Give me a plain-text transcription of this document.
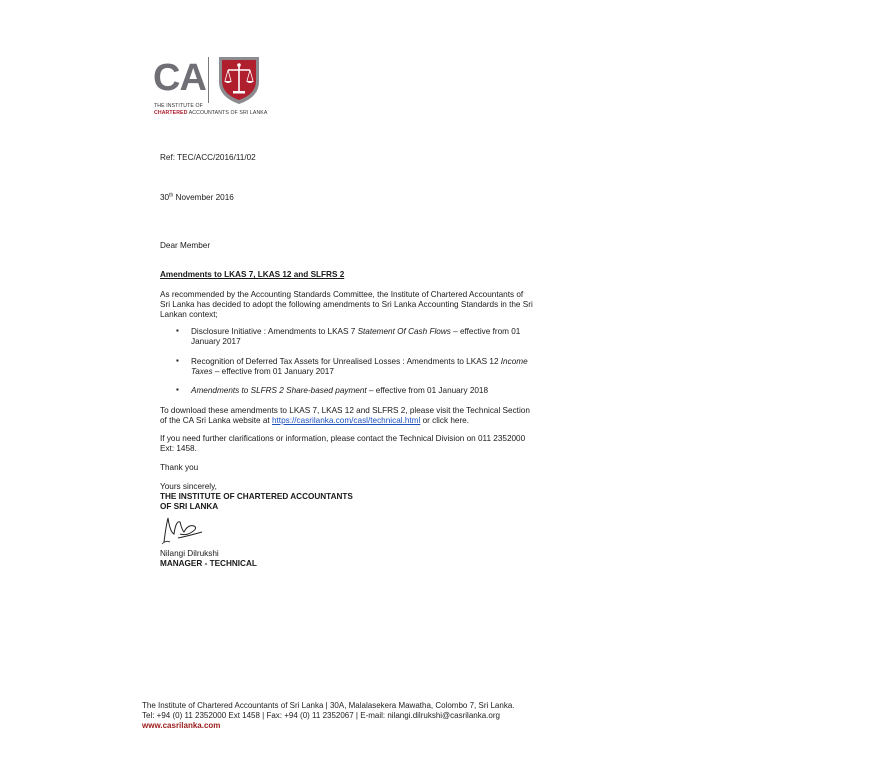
CA
THE INSTITUTE OF
CHARTERED ACCOUNTANTS OF SRI LANKA
Ref: TEC/ACC/2016/11/02
30th November 2016
Dear Member
Amendments to LKAS 7, LKAS 12 and SLFRS 2
As recommended by the Accounting Standards Committee, the Institute of Chartered Accountants of
Sri Lanka has decided to adopt the following amendments to Sri Lanka Accounting Standards in the Sri
Lankan context;
▪ Disclosure Initiative : Amendments to LKAS 7 Statement Of Cash Flows – effective from 01
January 2017
▪ Recognition of Deferred Tax Assets for Unrealised Losses : Amendments to LKAS 12 Income
Taxes – effective from 01 January 2017
▪ Amendments to SLFRS 2 Share-based payment – effective from 01 January 2018
To download these amendments to LKAS 7, LKAS 12 and SLFRS 2, please visit the Technical Section
of the CA Sri Lanka website at https://casrilanka.com/casl/technical.html or click here.
If you need further clarifications or information, please contact the Technical Division on 011 2352000
Ext: 1458.
Thank you
Yours sincerely,
THE INSTITUTE OF CHARTERED ACCOUNTANTS
OF SRI LANKA
Nilangi Dilrukshi
MANAGER - TECHNICAL
The Institute of Chartered Accountants of Sri Lanka | 30A, Malalasekera Mawatha, Colombo 7, Sri Lanka.
Tel: +94 (0) 11 2352000 Ext 1458 | Fax: +94 (0) 11 2352067 | E-mail: nilangi.dilrukshi@casrilanka.org
www.casrilanka.com
